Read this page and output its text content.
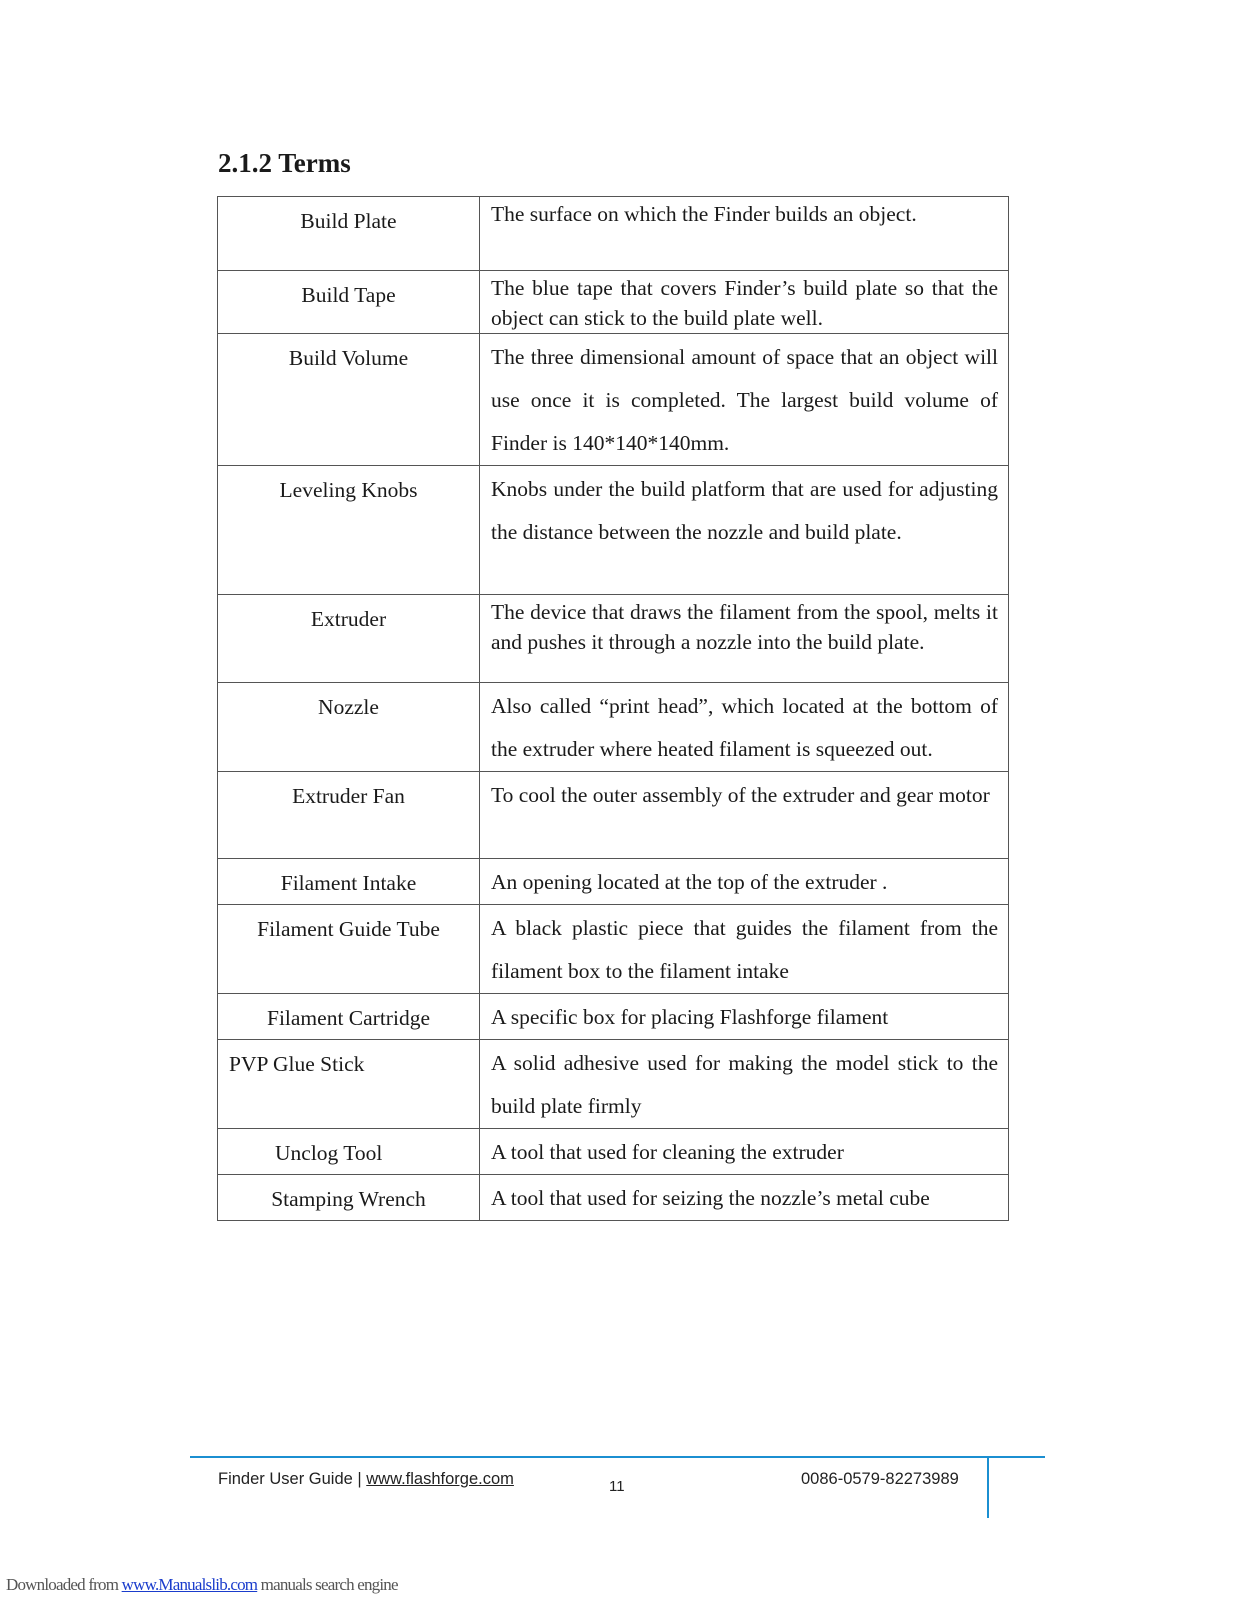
2.1.2 Terms
Build Plate	The surface on which the Finder builds an object.
Build Tape	The blue tape that covers Finder’s build plate so that the object can stick to the build plate well.
Build Volume	The three dimensional amount of space that an object will use once it is completed. The largest build volume of Finder is 140*140*140mm.
Leveling Knobs	Knobs under the build platform that are used for adjusting the distance between the nozzle and build plate.
Extruder	The device that draws the filament from the spool, melts it and pushes it through a nozzle into the build plate.
Nozzle	Also called “print head”, which located at the bottom of the extruder where heated filament is squeezed out.
Extruder Fan	To cool the outer assembly of the extruder and gear motor
Filament Intake	An opening located at the top of the extruder .
Filament Guide Tube	A black plastic piece that guides the filament from the filament box to the filament intake
Filament Cartridge	A specific box for placing Flashforge filament
PVP Glue Stick	A solid adhesive used for making the model stick to the build plate firmly
Unclog Tool	A tool that used for cleaning the extruder
Stamping Wrench	A tool that used for seizing the nozzle’s metal cube
Finder User Guide | www.flashforge.com	11	0086-0579-82273989
Downloaded from www.Manualslib.com manuals search engine
